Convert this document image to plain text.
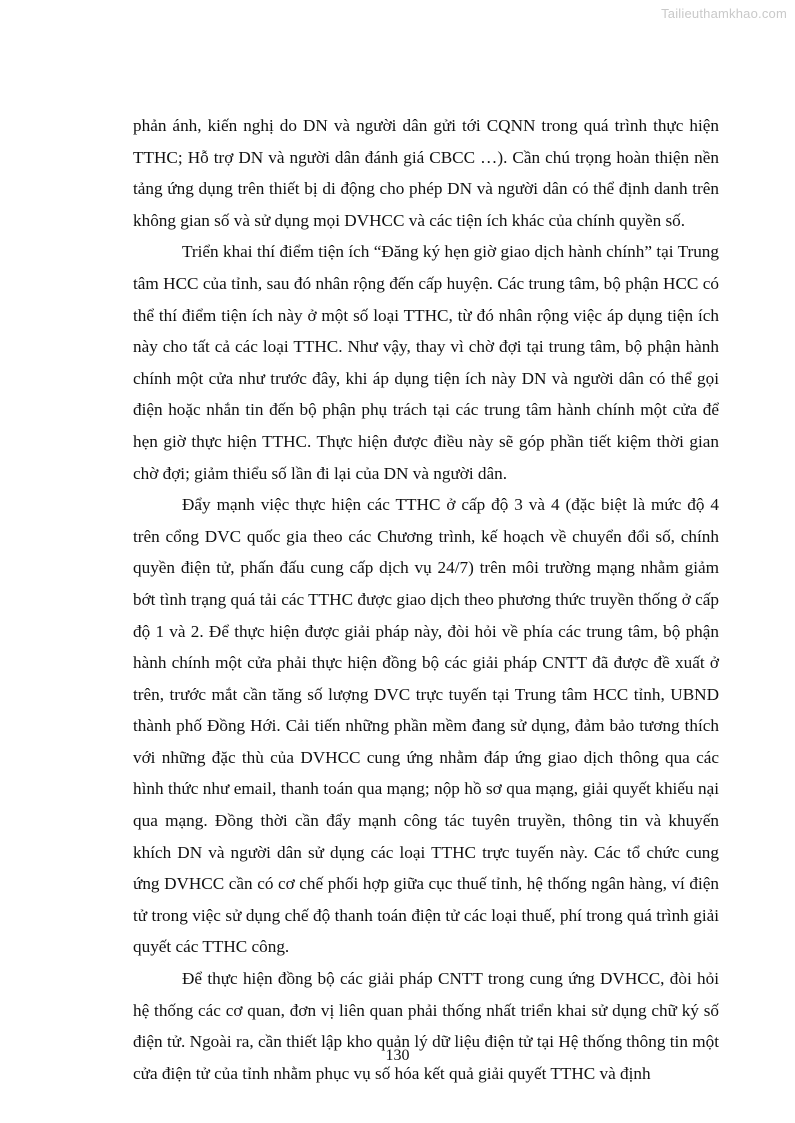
Tailieuthamkhao.com

phản ánh, kiến nghị do DN và người dân gửi tới CQNN trong quá trình thực hiện TTHC; Hỗ trợ DN và người dân đánh giá CBCC …). Cần chú trọng hoàn thiện nền tảng ứng dụng trên thiết bị di động cho phép DN và người dân có thể định danh trên không gian số và sử dụng mọi DVHCC và các tiện ích khác của chính quyền số.

Triển khai thí điểm tiện ích “Đăng ký hẹn giờ giao dịch hành chính” tại Trung tâm HCC của tỉnh, sau đó nhân rộng đến cấp huyện. Các trung tâm, bộ phận HCC có thể thí điểm tiện ích này ở một số loại TTHC, từ đó nhân rộng việc áp dụng tiện ích này cho tất cả các loại TTHC. Như vậy, thay vì chờ đợi tại trung tâm, bộ phận hành chính một cửa như trước đây, khi áp dụng tiện ích này DN và người dân có thể gọi điện hoặc nhắn tin đến bộ phận phụ trách tại các trung tâm hành chính một cửa để hẹn giờ thực hiện TTHC. Thực hiện được điều này sẽ góp phần tiết kiệm thời gian chờ đợi; giảm thiểu số lần đi lại của DN và người dân.

Đẩy mạnh việc thực hiện các TTHC ở cấp độ 3 và 4 (đặc biệt là mức độ 4 trên cổng DVC quốc gia theo các Chương trình, kế hoạch về chuyển đổi số, chính quyền điện tử, phấn đấu cung cấp dịch vụ 24/7) trên môi trường mạng nhằm giảm bớt tình trạng quá tải các TTHC được giao dịch theo phương thức truyền thống ở cấp độ 1 và 2. Để thực hiện được giải pháp này, đòi hỏi về phía các trung tâm, bộ phận hành chính một cửa phải thực hiện đồng bộ các giải pháp CNTT đã được đề xuất ở trên, trước mắt cần tăng số lượng DVC trực tuyến tại Trung tâm HCC tỉnh, UBND thành phố Đồng Hới. Cải tiến những phần mềm đang sử dụng, đảm bảo tương thích với những đặc thù của DVHCC cung ứng nhằm đáp ứng giao dịch thông qua các hình thức như email, thanh toán qua mạng; nộp hồ sơ qua mạng, giải quyết khiếu nại qua mạng. Đồng thời cần đẩy mạnh công tác tuyên truyền, thông tin và khuyến khích DN và người dân sử dụng các loại TTHC trực tuyến này. Các tổ chức cung ứng DVHCC cần có cơ chế phối hợp giữa cục thuế tỉnh, hệ thống ngân hàng, ví điện tử trong việc sử dụng chế độ thanh toán điện tử các loại thuế, phí trong quá trình giải quyết các TTHC công.

Để thực hiện đồng bộ các giải pháp CNTT trong cung ứng DVHCC, đòi hỏi hệ thống các cơ quan, đơn vị liên quan phải thống nhất triển khai sử dụng chữ ký số điện tử. Ngoài ra, cần thiết lập kho quản lý dữ liệu điện tử tại Hệ thống thông tin một cửa điện tử của tỉnh nhằm phục vụ số hóa kết quả giải quyết TTHC và định

130
